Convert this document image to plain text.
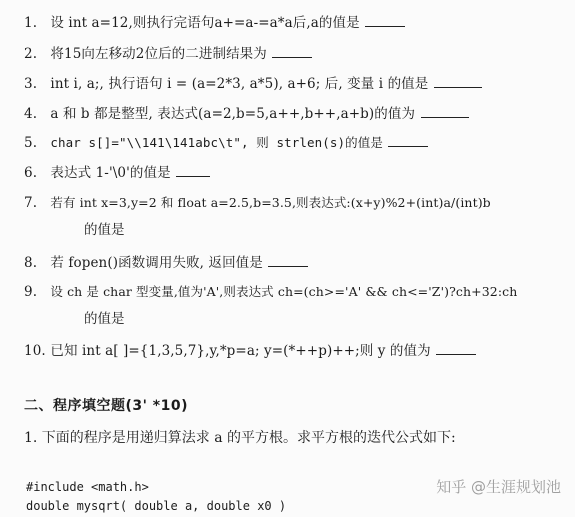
1. 设 int a=12,则执行完语句a+=a-=a*a后,a的值是
2. 将15向左移动2位后的二进制结果为
3. int i, a;, 执行语句 i = (a=2*3, a*5), a+6; 后, 变量 i 的值是
4. a 和 b 都是整型, 表达式(a=2,b=5,a++,b++,a+b)的值为
5. char s[]="\\141\141abc\t", 则 strlen(s)的值是
6. 表达式 1-'\0'的值是
7. 若有 int x=3,y=2 和 float a=2.5,b=3.5,则表达式:(x+y)%2+(int)a/(int)b
的值是
8. 若 fopen()函数调用失败, 返回值是
9. 设 ch 是 char 型变量,值为'A',则表达式 ch=(ch>='A' && ch<='Z')?ch+32:ch
的值是
10. 已知 int a[ ]={1,3,5,7},y,*p=a; y=(*++p)++;则 y 的值为
二、程序填空题(3' *10)
1. 下面的程序是用递归算法求 a 的平方根。求平方根的迭代公式如下:
#include <math.h>
double mysqrt( double a, double x0 )
知乎 @生涯规划池
